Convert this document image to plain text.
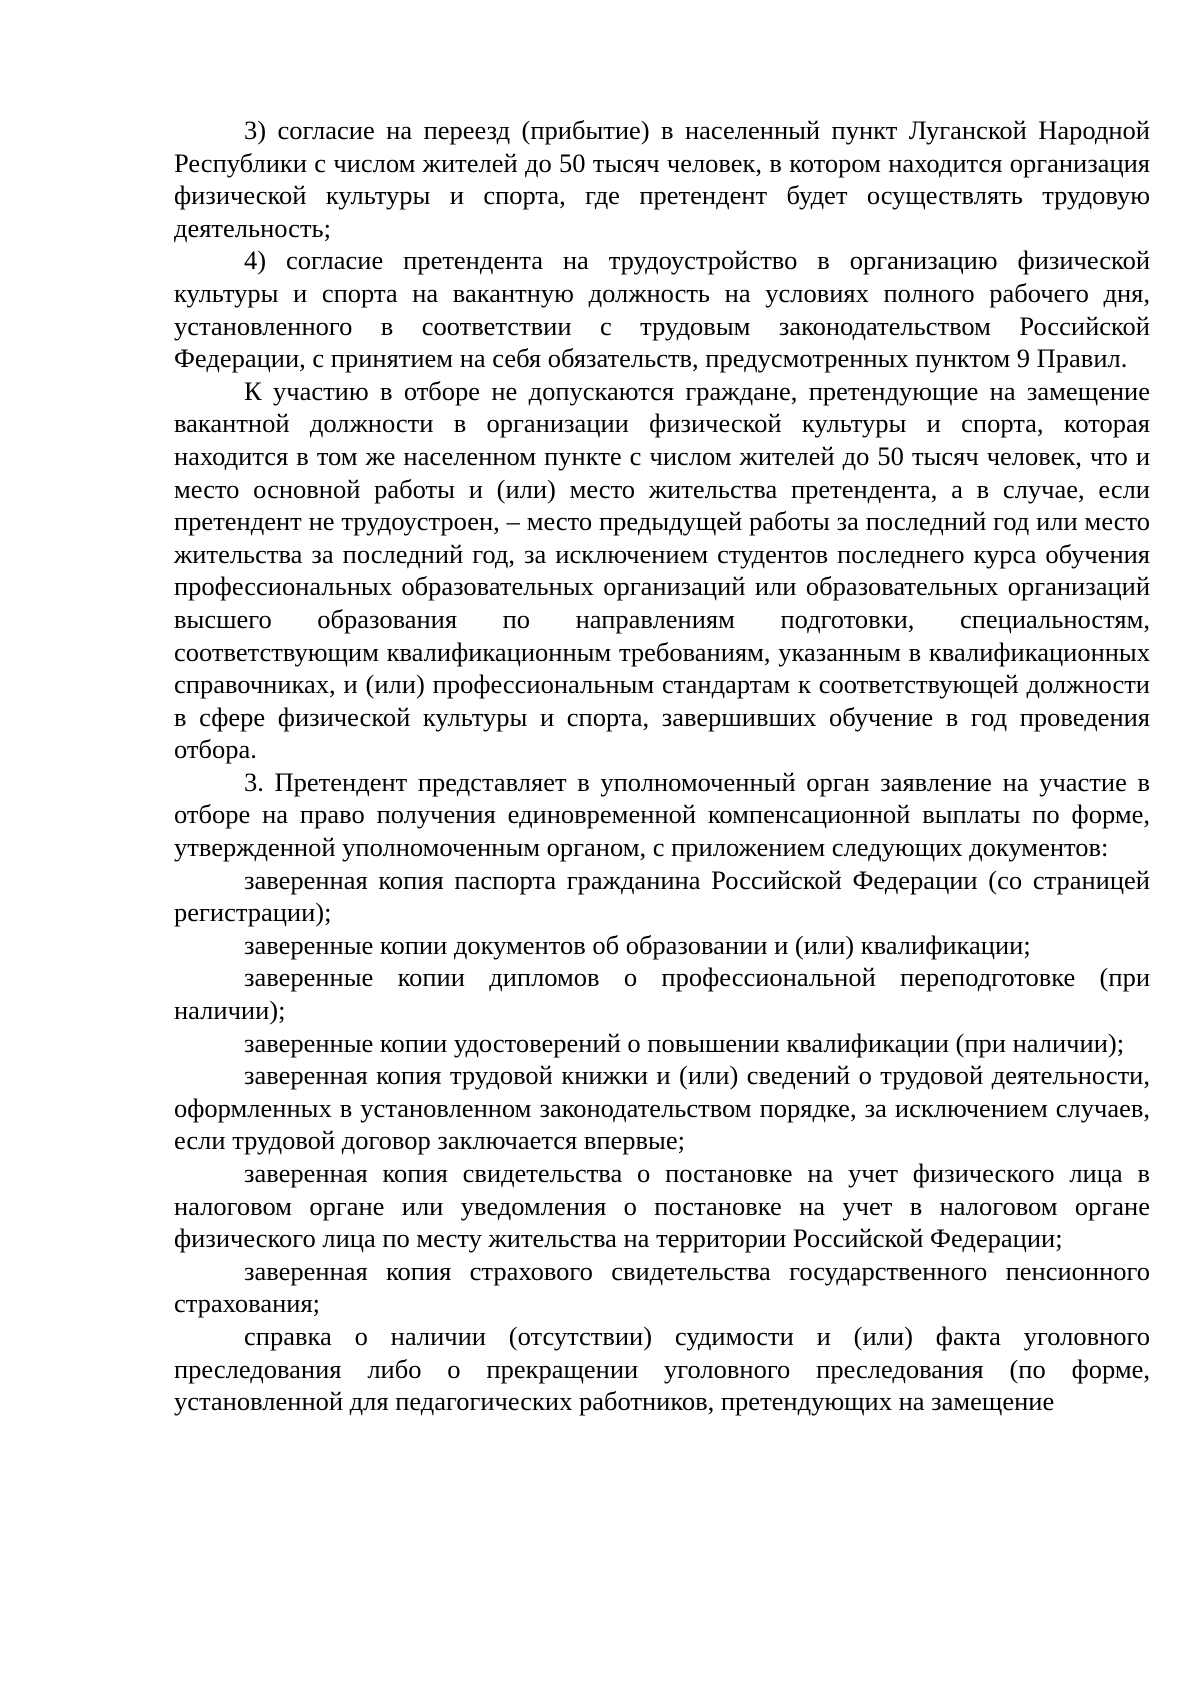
3) согласие на переезд (прибытие) в населенный пункт Луганской Народной Республики с числом жителей до 50 тысяч человек, в котором находится организация физической культуры и спорта, где претендент будет осуществлять трудовую деятельность;

4) согласие претендента на трудоустройство в организацию физической культуры и спорта на вакантную должность на условиях полного рабочего дня, установленного в соответствии с трудовым законодательством Российской Федерации, с принятием на себя обязательств, предусмотренных пунктом 9 Правил.

К участию в отборе не допускаются граждане, претендующие на замещение вакантной должности в организации физической культуры и спорта, которая находится в том же населенном пункте с числом жителей до 50 тысяч человек, что и место основной работы и (или) место жительства претендента, а в случае, если претендент не трудоустроен, – место предыдущей работы за последний год или место жительства за последний год, за исключением студентов последнего курса обучения профессиональных образовательных организаций или образовательных организаций высшего образования по направлениям подготовки, специальностям, соответствующим квалификационным требованиям, указанным в квалификационных справочниках, и (или) профессиональным стандартам к соответствующей должности в сфере физической культуры и спорта, завершивших обучение в год проведения отбора.

3. Претендент представляет в уполномоченный орган заявление на участие в отборе на право получения единовременной компенсационной выплаты по форме, утвержденной уполномоченным органом, с приложением следующих документов:

заверенная копия паспорта гражданина Российской Федерации (со страницей регистрации);

заверенные копии документов об образовании и (или) квалификации;

заверенные копии дипломов о профессиональной переподготовке (при наличии);

заверенные копии удостоверений о повышении квалификации (при наличии);

заверенная копия трудовой книжки и (или) сведений о трудовой деятельности, оформленных в установленном законодательством порядке, за исключением случаев, если трудовой договор заключается впервые;

заверенная копия свидетельства о постановке на учет физического лица в налоговом органе или уведомления о постановке на учет в налоговом органе физического лица по месту жительства на территории Российской Федерации;

заверенная копия страхового свидетельства государственного пенсионного страхования;

справка о наличии (отсутствии) судимости и (или) факта уголовного преследования либо о прекращении уголовного преследования (по форме, установленной для педагогических работников, претендующих на замещение
